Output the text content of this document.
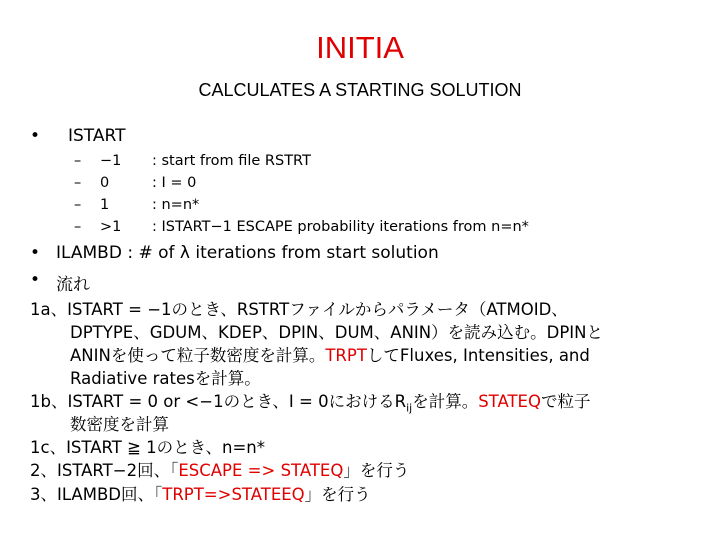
INITIA
CALCULATES A STARTING SOLUTION
• ISTART
– −1 : start from file RSTRT
– 0	: I = 0
– 1	: n=n*
– >1 : ISTART−1 ESCAPE probability iterations from n=n*
• ILAMBD : # of λ iterations from start solution
• 流れ
1a、ISTART = −1のとき、RSTRTファイルからパラメータ（ATMOID、
DPTYPE、GDUM、KDEP、DPIN、DUM、ANIN）を読み込む。DPINと
ANINを使って粒子数密度を計算。TRPTしてFluxes, Intensities, and
Radiative ratesを計算。
1b、ISTART = 0 or <−1のとき、I = 0における$R_{ij}$を計算。STATEQで粒子
数密度を計算
1c、ISTART ≧ 1のとき、n=n*
2、ISTART−2回、「ESCAPE => STATEQ」を行う
3、ILAMBD回、「TRPT=>STATEEQ」を行う
